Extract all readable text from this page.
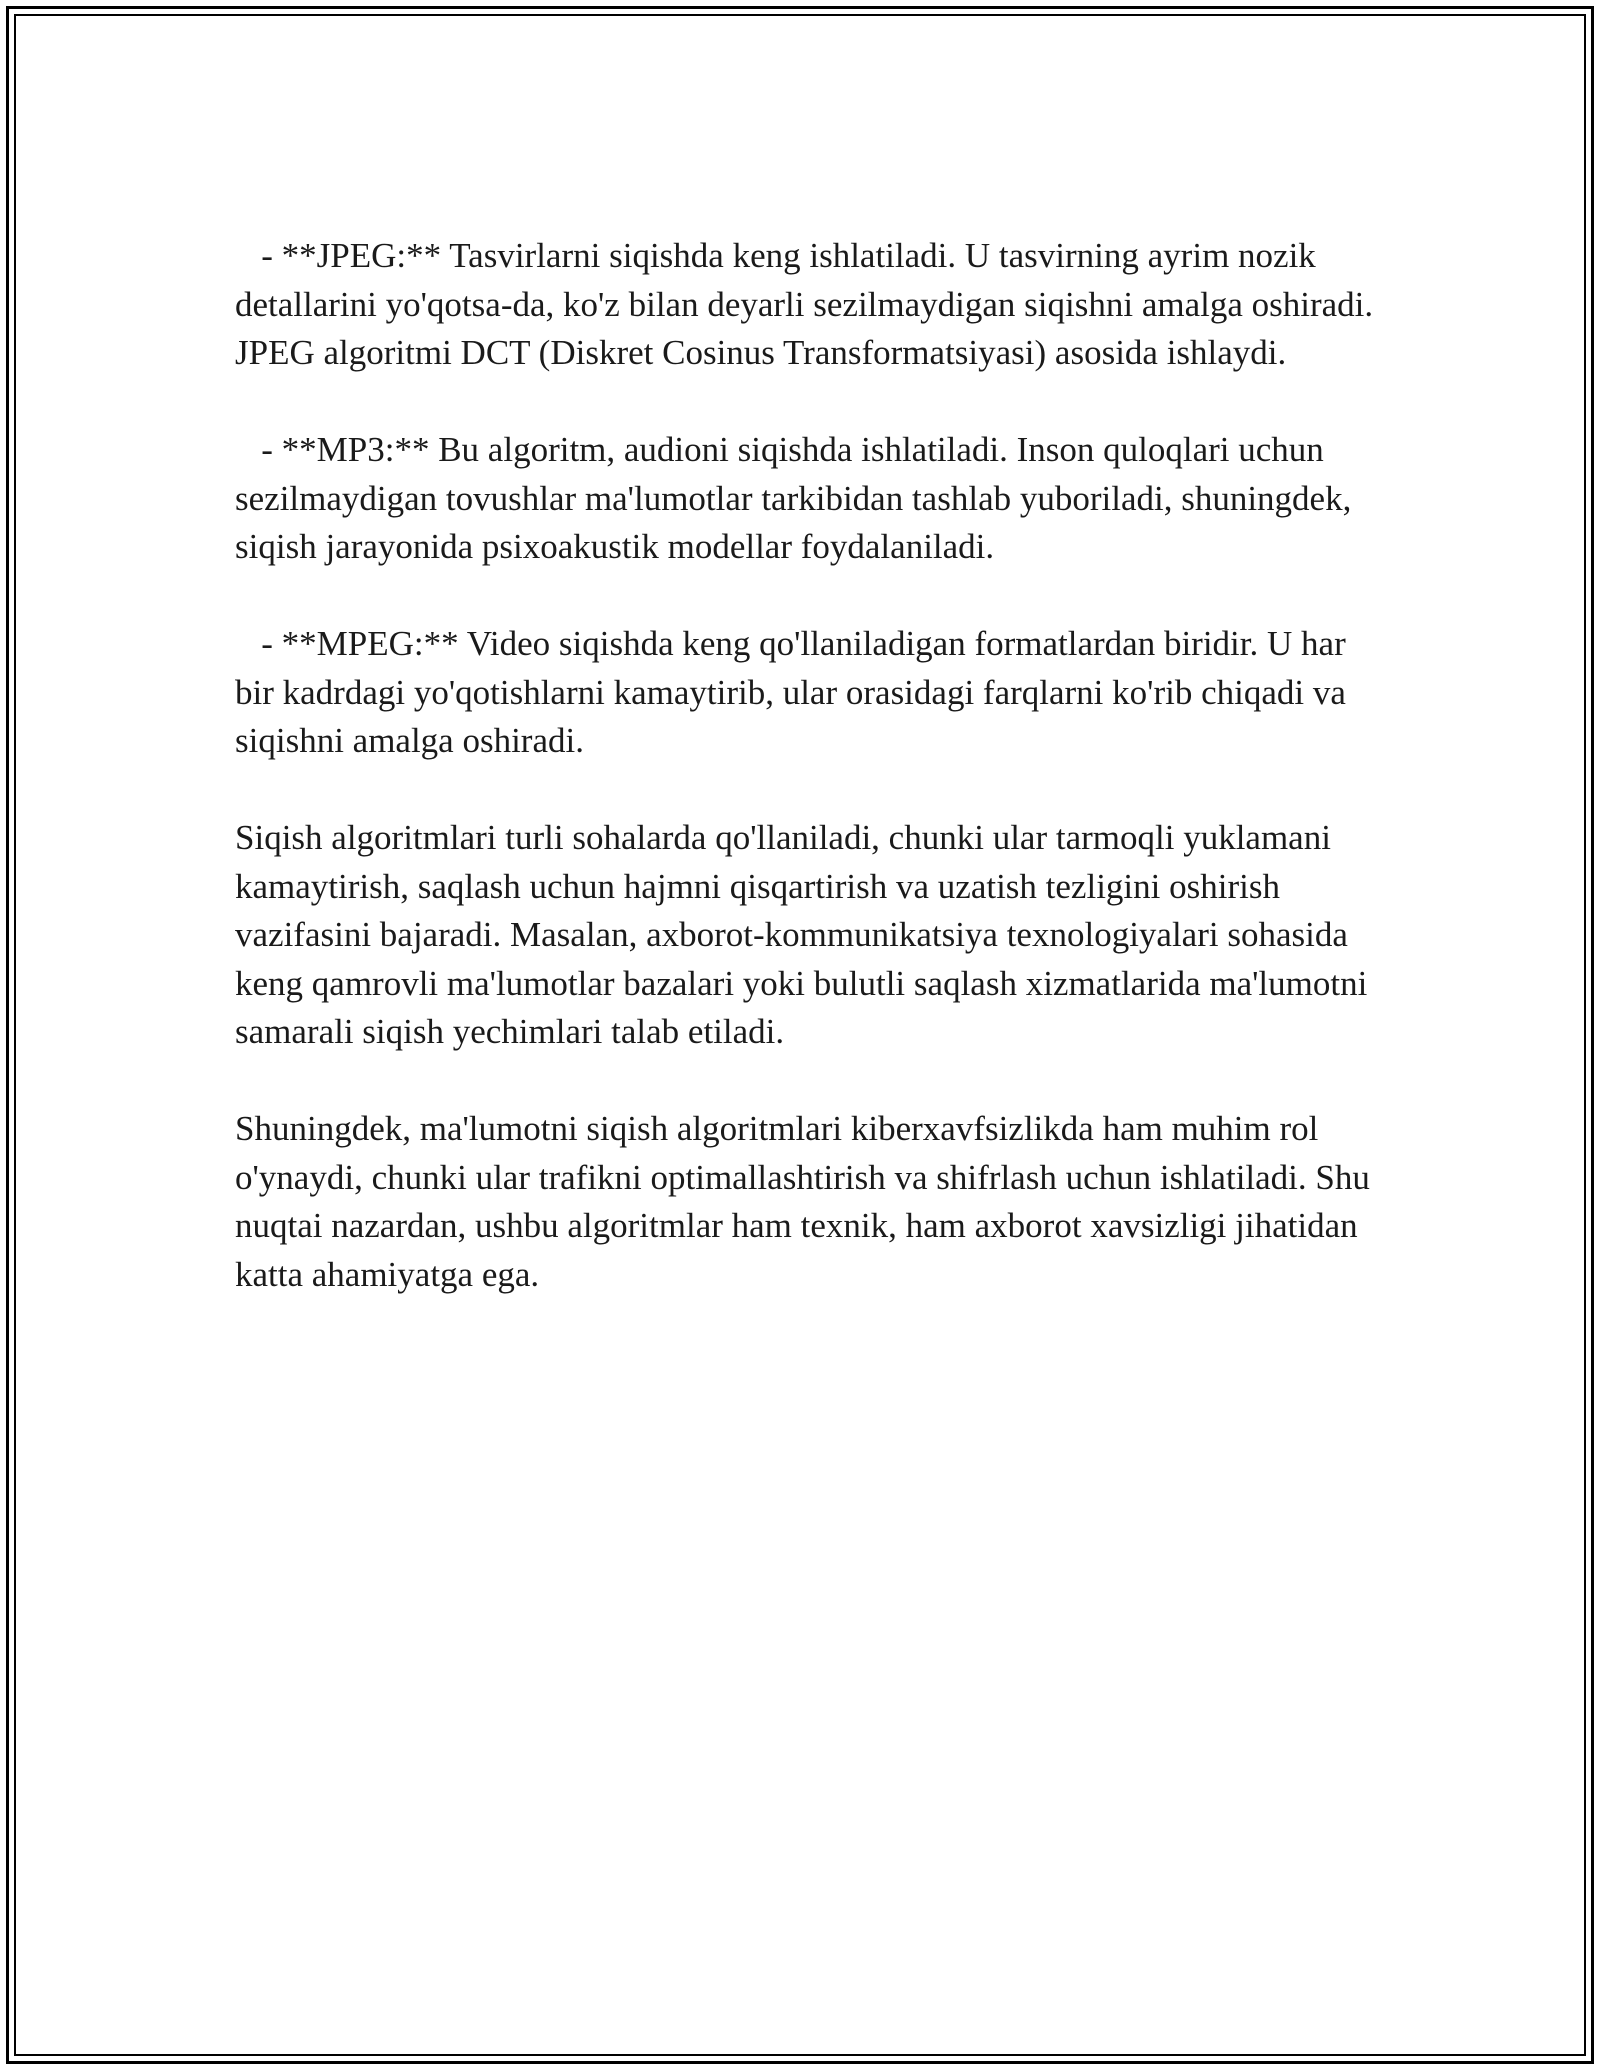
- **JPEG:** Tasvirlarni siqishda keng ishlatiladi. U tasvirning ayrim nozik detallarini yo'qotsa-da, ko'z bilan deyarli sezilmaydigan siqishni amalga oshiradi. JPEG algoritmi DCT (Diskret Cosinus Transformatsiyasi) asosida ishlaydi.

- **MP3:** Bu algoritm, audioni siqishda ishlatiladi. Inson quloqlari uchun sezilmaydigan tovushlar ma'lumotlar tarkibidan tashlab yuboriladi, shuningdek, siqish jarayonida psixoakustik modellar foydalaniladi.

- **MPEG:** Video siqishda keng qo'llaniladigan formatlardan biridir. U har bir kadrdagi yo'qotishlarni kamaytirib, ular orasidagi farqlarni ko'rib chiqadi va siqishni amalga oshiradi.

Siqish algoritmlari turli sohalarda qo'llaniladi, chunki ular tarmoqli yuklamani kamaytirish, saqlash uchun hajmni qisqartirish va uzatish tezligini oshirish vazifasini bajaradi. Masalan, axborot-kommunikatsiya texnologiyalari sohasida keng qamrovli ma'lumotlar bazalari yoki bulutli saqlash xizmatlarida ma'lumotni samarali siqish yechimlari talab etiladi.

Shuningdek, ma'lumotni siqish algoritmlari kiberxavfsizlikda ham muhim rol o'ynaydi, chunki ular trafikni optimallashtirish va shifrlash uchun ishlatiladi. Shu nuqtai nazardan, ushbu algoritmlar ham texnik, ham axborot xavsizligi jihatidan katta ahamiyatga ega.
